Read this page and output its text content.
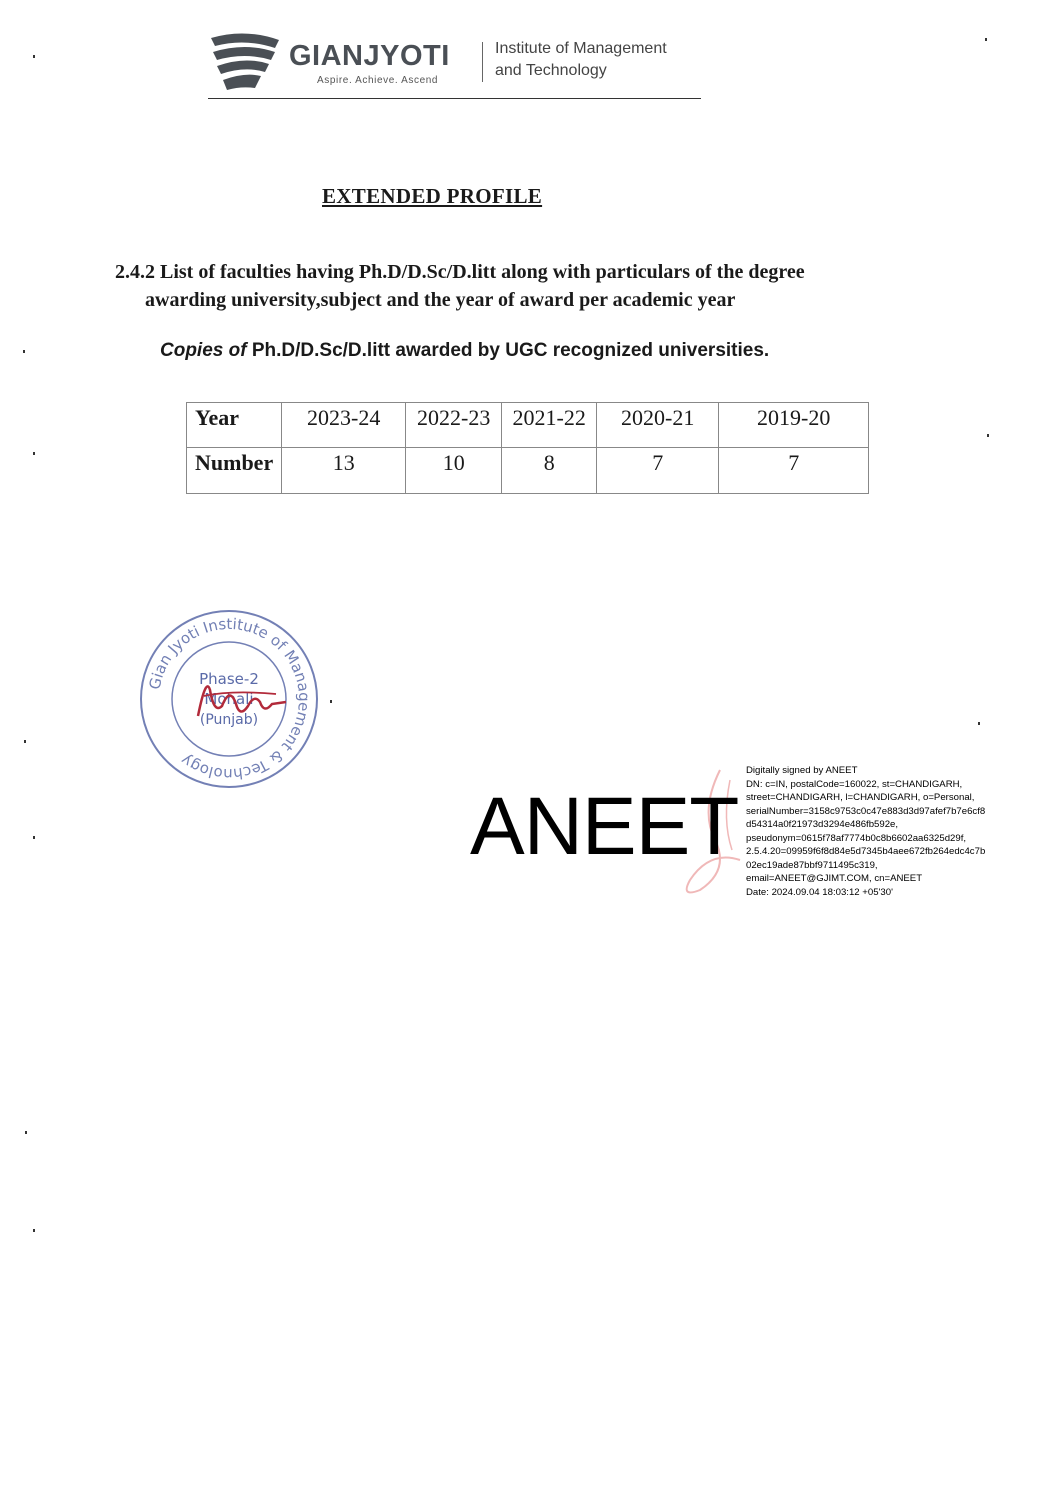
GIANJYOTI
Aspire. Achieve. Ascend
Institute of Management
and Technology
EXTENDED PROFILE
2.4.2 List of faculties having Ph.D/D.Sc/D.litt along with particulars of the degree
awarding university,subject and the year of award per academic year
Copies of Ph.D/D.Sc/D.litt awarded by UGC recognized universities.
Year	2023-24	2022-23	2021-22	2020-21	2019-20
Number	13	10	8	7	7
Gian Jyoti Institute of Management & Technology
Phase-2
Mohali
(Punjab)
ANEET
Digitally signed by ANEET
DN: c=IN, postalCode=160022, st=CHANDIGARH,
street=CHANDIGARH, l=CHANDIGARH, o=Personal,
serialNumber=3158c9753c0c47e883d3d97afef7b7e6cf8
d54314a0f21973d3294e486fb592e,
pseudonym=0615f78af7774b0c8b6602aa6325d29f,
2.5.4.20=09959f6f8d84e5d7345b4aee672fb264edc4c7b
02ec19ade87bbf9711495c319,
email=ANEET@GJIMT.COM, cn=ANEET
Date: 2024.09.04 18:03:12 +05'30'
